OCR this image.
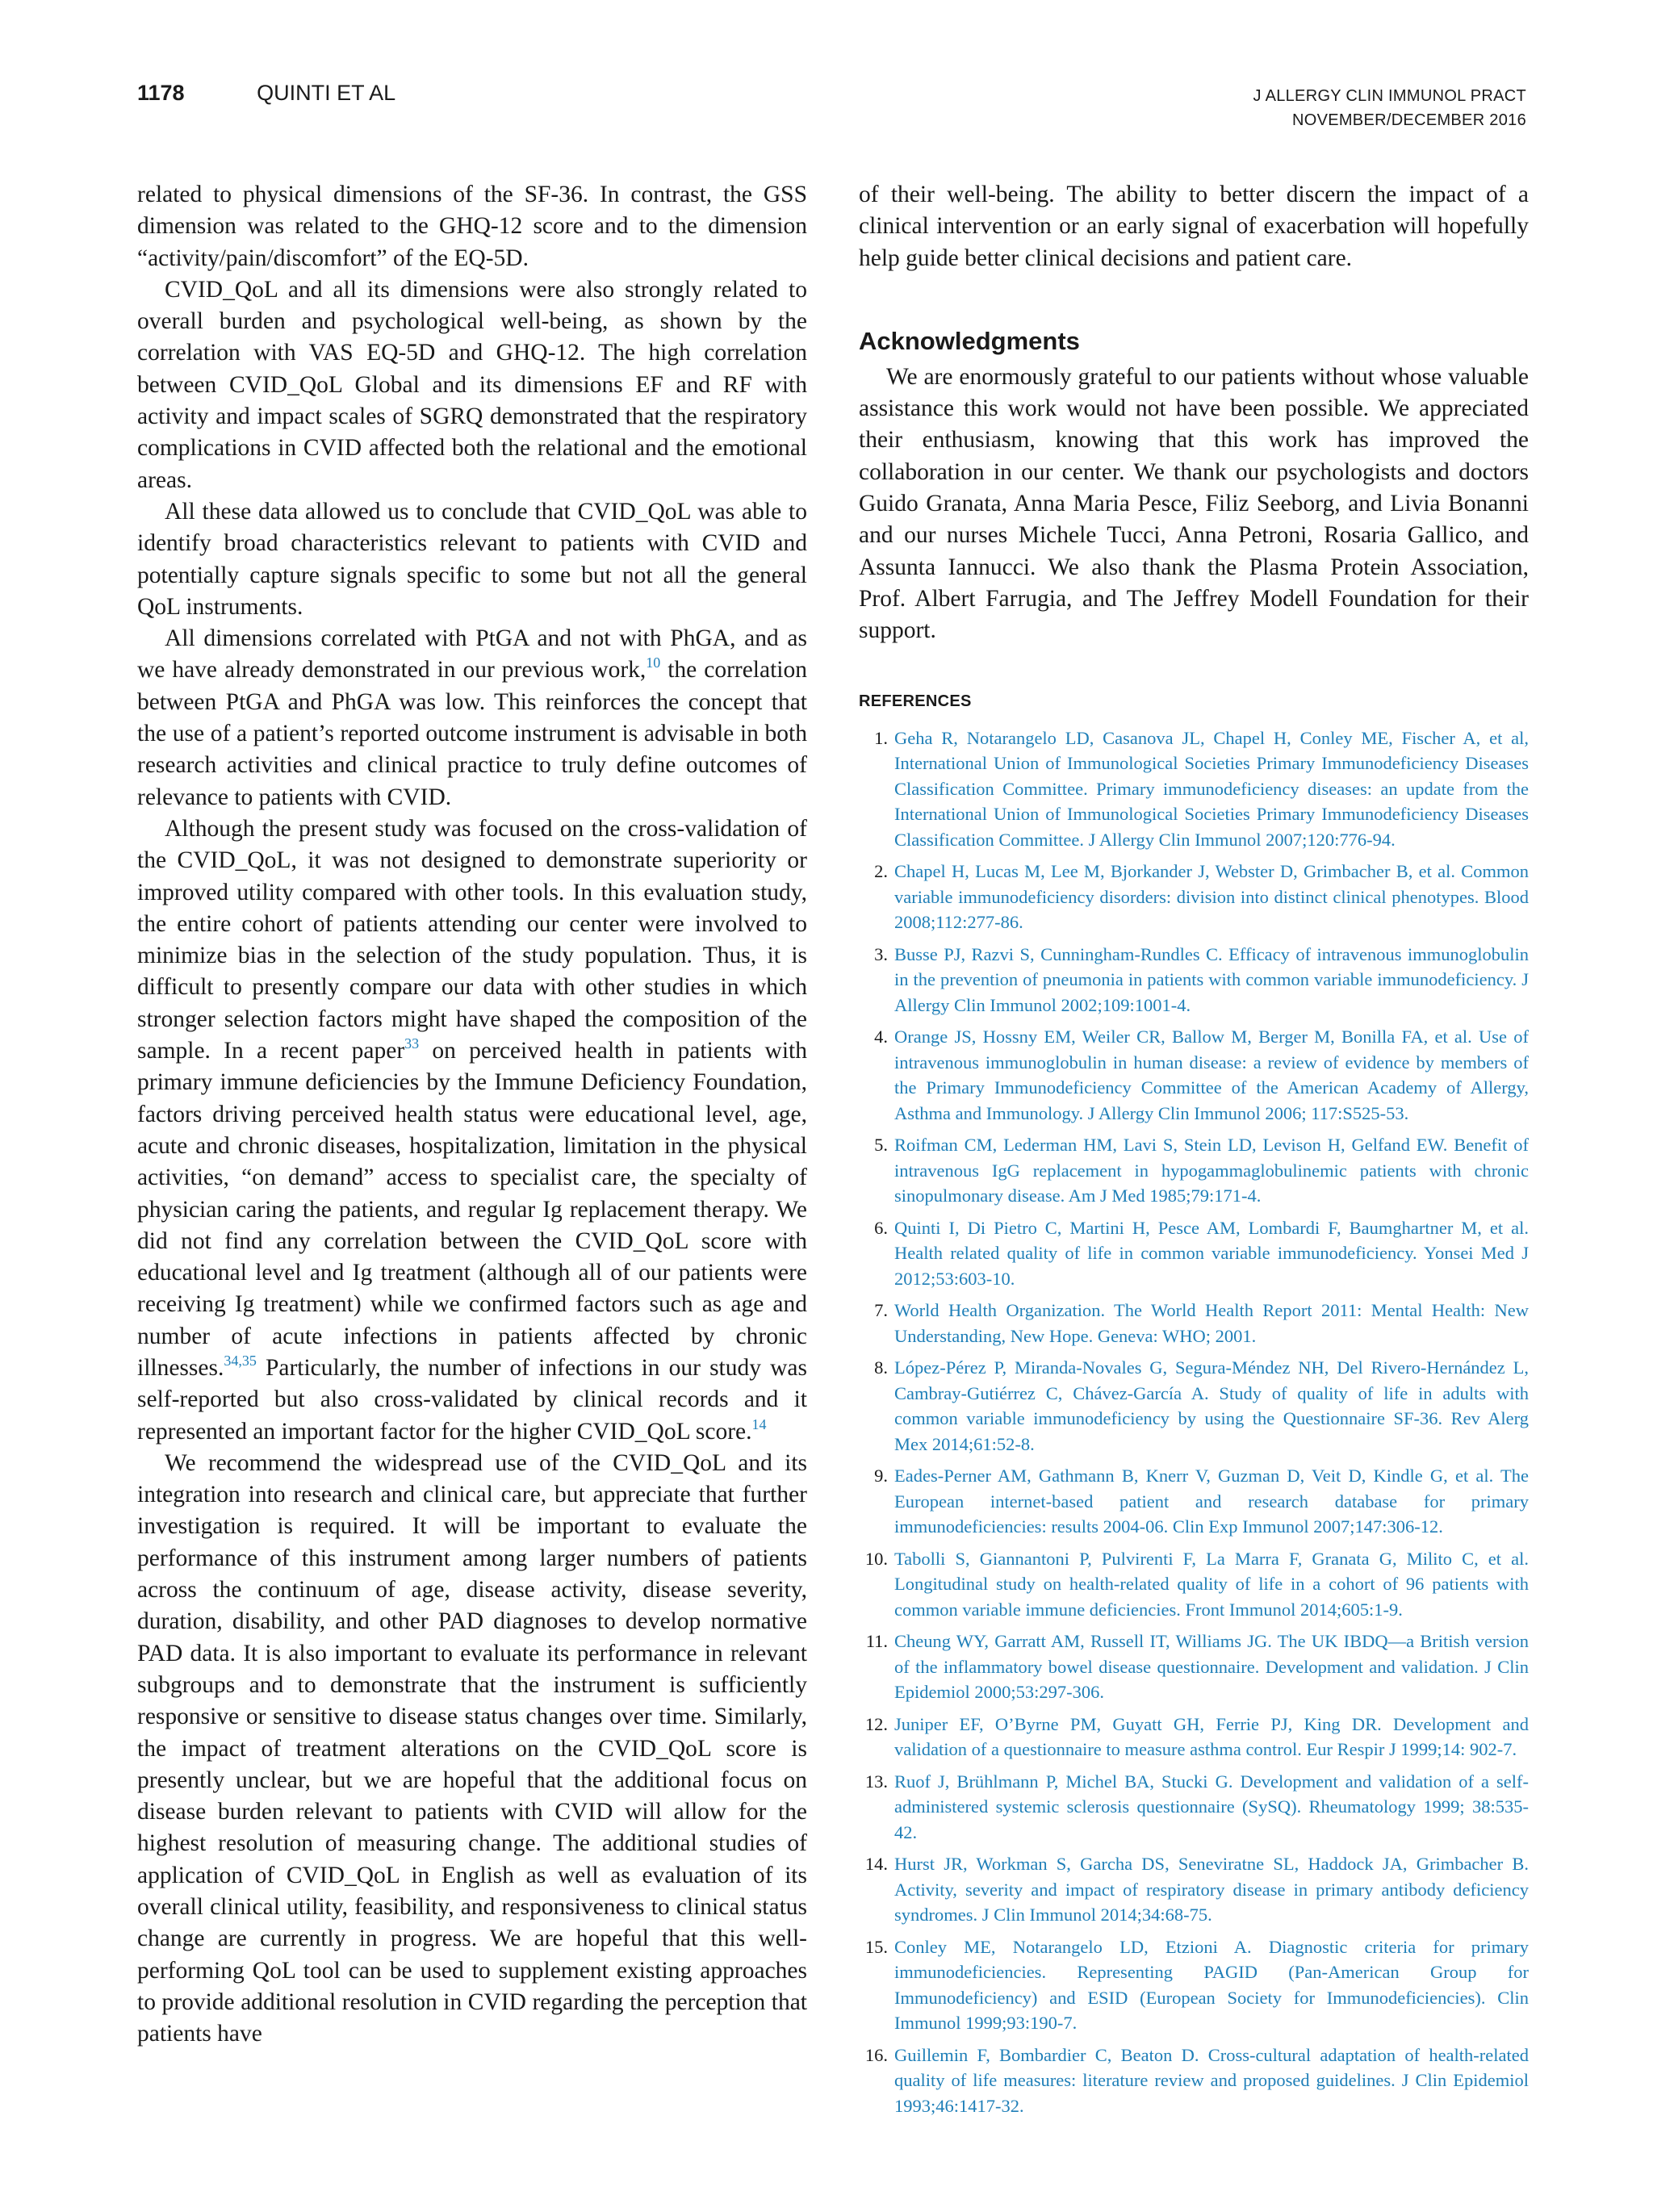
1178	QUINTI ET AL	J ALLERGY CLIN IMMUNOL PRACT
NOVEMBER/DECEMBER 2016

related to physical dimensions of the SF-36. In contrast, the GSS dimension was related to the GHQ-12 score and to the dimension “activity/pain/discomfort” of the EQ-5D.

CVID_QoL and all its dimensions were also strongly related to overall burden and psychological well-being, as shown by the correlation with VAS EQ-5D and GHQ-12. The high correlation between CVID_QoL Global and its dimensions EF and RF with activity and impact scales of SGRQ demonstrated that the respiratory complications in CVID affected both the relational and the emotional areas.

All these data allowed us to conclude that CVID_QoL was able to identify broad characteristics relevant to patients with CVID and potentially capture signals specific to some but not all the general QoL instruments.

All dimensions correlated with PtGA and not with PhGA, and as we have already demonstrated in our previous work,$^{10}$ the correlation between PtGA and PhGA was low. This reinforces the concept that the use of a patient’s reported outcome instrument is advisable in both research activities and clinical practice to truly define outcomes of relevance to patients with CVID.

Although the present study was focused on the cross-validation of the CVID_QoL, it was not designed to demonstrate superiority or improved utility compared with other tools. In this evaluation study, the entire cohort of patients attending our center were involved to minimize bias in the selection of the study population. Thus, it is difficult to presently compare our data with other studies in which stronger selection factors might have shaped the composition of the sample. In a recent paper$^{33}$ on perceived health in patients with primary immune deficiencies by the Immune Deficiency Foundation, factors driving perceived health status were educational level, age, acute and chronic diseases, hospitalization, limitation in the physical activities, “on demand” access to specialist care, the specialty of physician caring the patients, and regular Ig replacement therapy. We did not find any correlation between the CVID_QoL score with educational level and Ig treatment (although all of our patients were receiving Ig treatment) while we confirmed factors such as age and number of acute infections in patients affected by chronic illnesses.$^{34,35}$ Particularly, the number of infections in our study was self-reported but also cross-validated by clinical records and it represented an important factor for the higher CVID_QoL score.$^{14}$

We recommend the widespread use of the CVID_QoL and its integration into research and clinical care, but appreciate that further investigation is required. It will be important to evaluate the performance of this instrument among larger numbers of patients across the continuum of age, disease activity, disease severity, duration, disability, and other PAD diagnoses to develop normative PAD data. It is also important to evaluate its performance in relevant subgroups and to demonstrate that the instrument is sufficiently responsive or sensitive to disease status changes over time. Similarly, the impact of treatment alterations on the CVID_QoL score is presently unclear, but we are hopeful that the additional focus on disease burden relevant to patients with CVID will allow for the highest resolution of measuring change. The additional studies of application of CVID_QoL in English as well as evaluation of its overall clinical utility, feasibility, and responsiveness to clinical status change are currently in progress. We are hopeful that this well-performing QoL tool can be used to supplement existing approaches to provide additional resolution in CVID regarding the perception that patients have

of their well-being. The ability to better discern the impact of a clinical intervention or an early signal of exacerbation will hopefully help guide better clinical decisions and patient care.

Acknowledgments

We are enormously grateful to our patients without whose valuable assistance this work would not have been possible. We appreciated their enthusiasm, knowing that this work has improved the collaboration in our center. We thank our psychologists and doctors Guido Granata, Anna Maria Pesce, Filiz Seeborg, and Livia Bonanni and our nurses Michele Tucci, Anna Petroni, Rosaria Gallico, and Assunta Iannucci. We also thank the Plasma Protein Association, Prof. Albert Farrugia, and The Jeffrey Modell Foundation for their support.

REFERENCES
1. Geha R, Notarangelo LD, Casanova JL, Chapel H, Conley ME, Fischer A, et al, International Union of Immunological Societies Primary Immunodeficiency Diseases Classification Committee. Primary immunodeficiency diseases: an update from the International Union of Immunological Societies Primary Immunodeficiency Diseases Classification Committee. J Allergy Clin Immunol 2007;120:776-94.
2. Chapel H, Lucas M, Lee M, Bjorkander J, Webster D, Grimbacher B, et al. Common variable immunodeficiency disorders: division into distinct clinical phenotypes. Blood 2008;112:277-86.
3. Busse PJ, Razvi S, Cunningham-Rundles C. Efficacy of intravenous immunoglobulin in the prevention of pneumonia in patients with common variable immunodeficiency. J Allergy Clin Immunol 2002;109:1001-4.
4. Orange JS, Hossny EM, Weiler CR, Ballow M, Berger M, Bonilla FA, et al. Use of intravenous immunoglobulin in human disease: a review of evidence by members of the Primary Immunodeficiency Committee of the American Academy of Allergy, Asthma and Immunology. J Allergy Clin Immunol 2006; 117:S525-53.
5. Roifman CM, Lederman HM, Lavi S, Stein LD, Levison H, Gelfand EW. Benefit of intravenous IgG replacement in hypogammaglobulinemic patients with chronic sinopulmonary disease. Am J Med 1985;79:171-4.
6. Quinti I, Di Pietro C, Martini H, Pesce AM, Lombardi F, Baumghartner M, et al. Health related quality of life in common variable immunodeficiency. Yonsei Med J 2012;53:603-10.
7. World Health Organization. The World Health Report 2011: Mental Health: New Understanding, New Hope. Geneva: WHO; 2001.
8. López-Pérez P, Miranda-Novales G, Segura-Méndez NH, Del Rivero-Hernández L, Cambray-Gutiérrez C, Chávez-García A. Study of quality of life in adults with common variable immunodeficiency by using the Questionnaire SF-36. Rev Alerg Mex 2014;61:52-8.
9. Eades-Perner AM, Gathmann B, Knerr V, Guzman D, Veit D, Kindle G, et al. The European internet-based patient and research database for primary immunodeficiencies: results 2004-06. Clin Exp Immunol 2007;147:306-12.
10. Tabolli S, Giannantoni P, Pulvirenti F, La Marra F, Granata G, Milito C, et al. Longitudinal study on health-related quality of life in a cohort of 96 patients with common variable immune deficiencies. Front Immunol 2014;605:1-9.
11. Cheung WY, Garratt AM, Russell IT, Williams JG. The UK IBDQ—a British version of the inflammatory bowel disease questionnaire. Development and validation. J Clin Epidemiol 2000;53:297-306.
12. Juniper EF, O’Byrne PM, Guyatt GH, Ferrie PJ, King DR. Development and validation of a questionnaire to measure asthma control. Eur Respir J 1999;14: 902-7.
13. Ruof J, Brühlmann P, Michel BA, Stucki G. Development and validation of a self-administered systemic sclerosis questionnaire (SySQ). Rheumatology 1999; 38:535-42.
14. Hurst JR, Workman S, Garcha DS, Seneviratne SL, Haddock JA, Grimbacher B. Activity, severity and impact of respiratory disease in primary antibody deficiency syndromes. J Clin Immunol 2014;34:68-75.
15. Conley ME, Notarangelo LD, Etzioni A. Diagnostic criteria for primary immunodeficiencies. Representing PAGID (Pan-American Group for Immunodeficiency) and ESID (European Society for Immunodeficiencies). Clin Immunol 1999;93:190-7.
16. Guillemin F, Bombardier C, Beaton D. Cross-cultural adaptation of health-related quality of life measures: literature review and proposed guidelines. J Clin Epidemiol 1993;46:1417-32.
